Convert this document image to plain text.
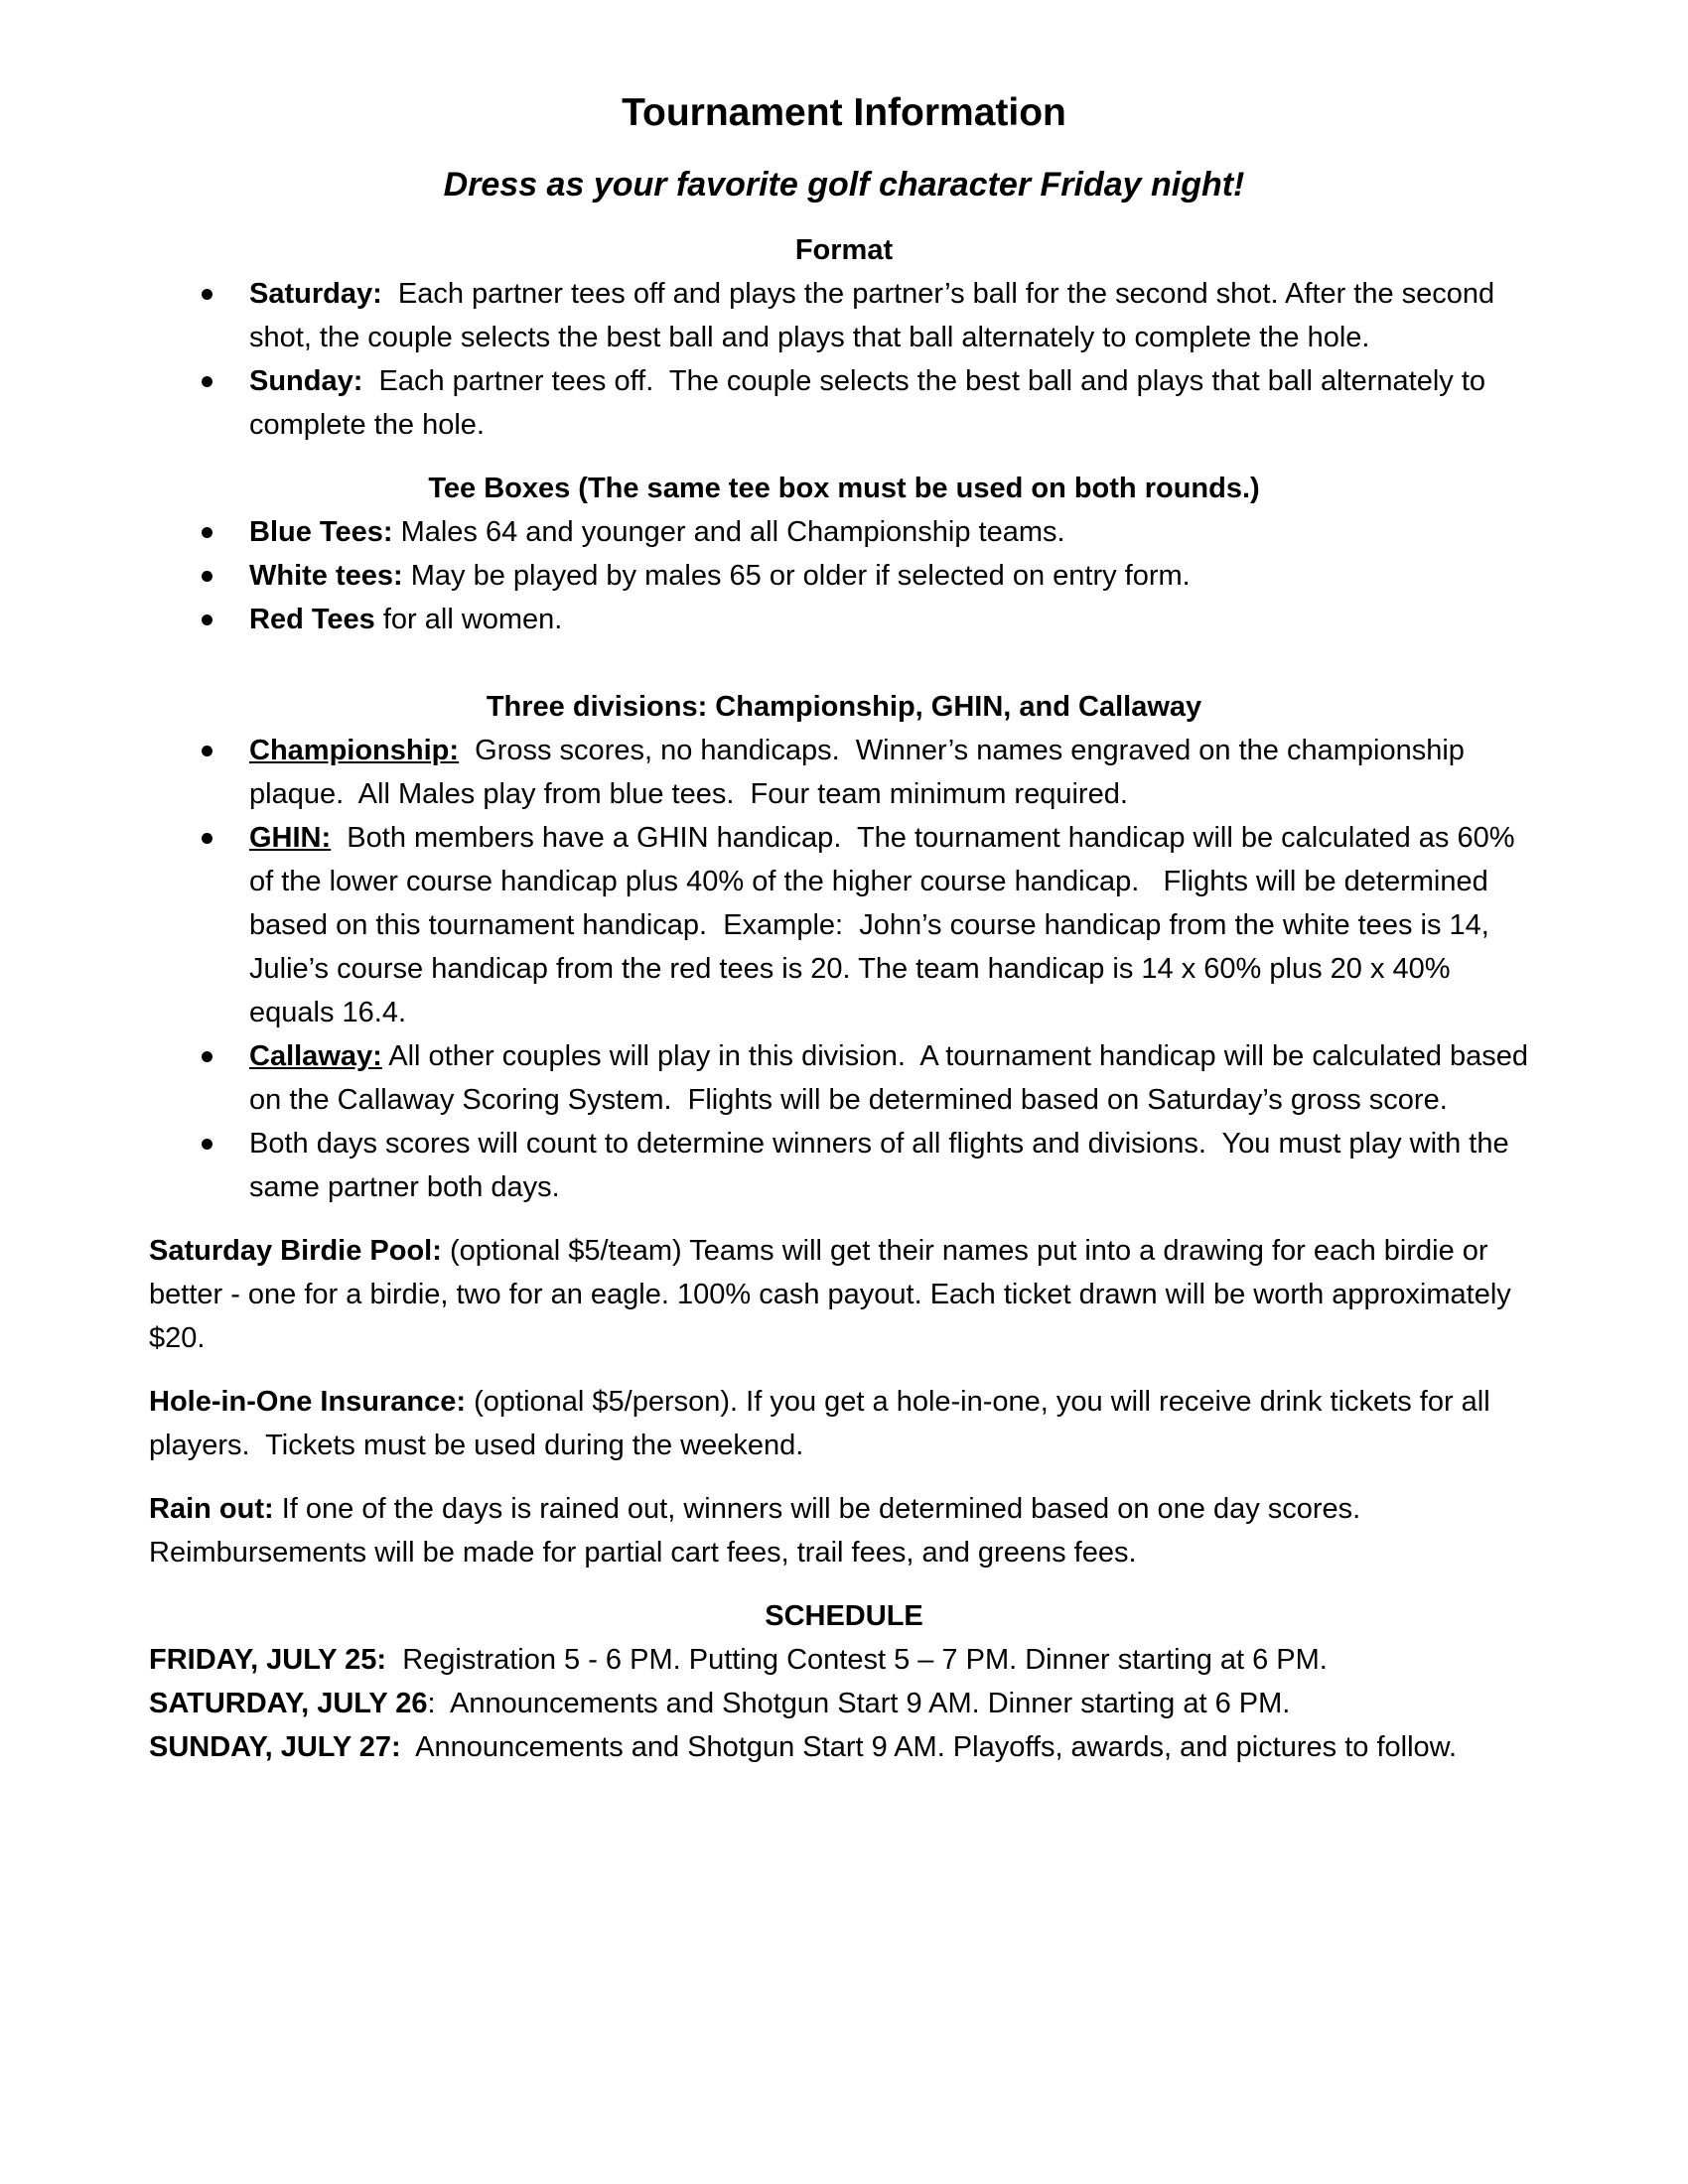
Tournament Information
Dress as your favorite golf character Friday night!
Format
Saturday:  Each partner tees off and plays the partner’s ball for the second shot. After the second shot, the couple selects the best ball and plays that ball alternately to complete the hole.
Sunday:  Each partner tees off.  The couple selects the best ball and plays that ball alternately to complete the hole.
Tee Boxes (The same tee box must be used on both rounds.)
Blue Tees: Males 64 and younger and all Championship teams.
White tees: May be played by males 65 or older if selected on entry form.
Red Tees for all women.
Three divisions: Championship, GHIN, and Callaway
Championship:  Gross scores, no handicaps.  Winner’s names engraved on the championship plaque.  All Males play from blue tees.  Four team minimum required.
GHIN:  Both members have a GHIN handicap.  The tournament handicap will be calculated as 60% of the lower course handicap plus 40% of the higher course handicap.   Flights will be determined based on this tournament handicap.  Example:  John’s course handicap from the white tees is 14, Julie’s course handicap from the red tees is 20. The team handicap is 14 x 60% plus 20 x 40% equals 16.4.
Callaway: All other couples will play in this division.  A tournament handicap will be calculated based on the Callaway Scoring System.  Flights will be determined based on Saturday’s gross score.
Both days scores will count to determine winners of all flights and divisions.  You must play with the same partner both days.

Saturday Birdie Pool: (optional $5/team) Teams will get their names put into a drawing for each birdie or better - one for a birdie, two for an eagle. 100% cash payout. Each ticket drawn will be worth approximately $20.

Hole-in-One Insurance: (optional $5/person). If you get a hole-in-one, you will receive drink tickets for all players.  Tickets must be used during the weekend.

Rain out: If one of the days is rained out, winners will be determined based on one day scores. Reimbursements will be made for partial cart fees, trail fees, and greens fees.

SCHEDULE

FRIDAY, JULY 25:  Registration 5 - 6 PM. Putting Contest 5 – 7 PM. Dinner starting at 6 PM.

SATURDAY, JULY 26:  Announcements and Shotgun Start 9 AM. Dinner starting at 6 PM.

SUNDAY, JULY 27:  Announcements and Shotgun Start 9 AM. Playoffs, awards, and pictures to follow.
